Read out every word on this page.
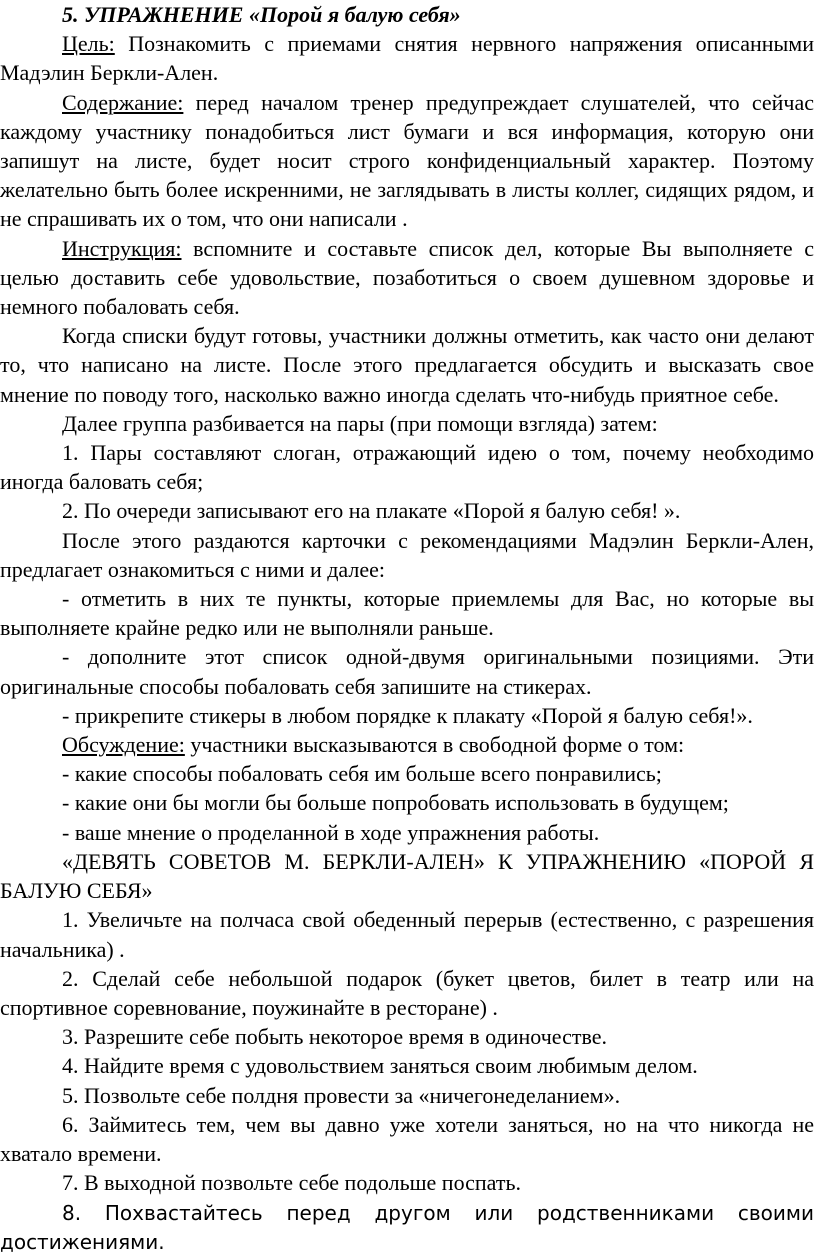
5. УПРАЖНЕНИЕ «Порой я балую себя»

Цель: Познакомить с приемами снятия нервного напряжения описанными Мадэлин Беркли-Ален.

Содержание: перед началом тренер предупреждает слушателей, что сейчас каждому участнику понадобиться лист бумаги и вся информация, которую они запишут на листе, будет носит строго конфиденциальный характер. Поэтому желательно быть более искренними, не заглядывать в листы коллег, сидящих рядом, и не спрашивать их о том, что они написали .

Инструкция: вспомните и составьте список дел, которые Вы выполняете с целью доставить себе удовольствие, позаботиться о своем душевном здоровье и немного побаловать себя.

Когда списки будут готовы, участники должны отметить, как часто они делают то, что написано на листе. После этого предлагается обсудить и высказать свое мнение по поводу того, насколько важно иногда сделать что-нибудь приятное себе.

Далее группа разбивается на пары (при помощи взгляда) затем:

1. Пары составляют слоган, отражающий идею о том, почему необходимо иногда баловать себя;

2. По очереди записывают его на плакате «Порой я балую себя! ».

После этого раздаются карточки с рекомендациями Мадэлин Беркли-Ален, предлагает ознакомиться с ними и далее:

- отметить в них те пункты, которые приемлемы для Вас, но которые вы выполняете крайне редко или не выполняли раньше.

- дополните этот список одной-двумя оригинальными позициями. Эти оригинальные способы побаловать себя запишите на стикерах.

- прикрепите стикеры в любом порядке к плакату «Порой я балую себя!».

Обсуждение: участники высказываются в свободной форме о том:

- какие способы побаловать себя им больше всего понравились;

- какие они бы могли бы больше попробовать использовать в будущем;

- ваше мнение о проделанной в ходе упражнения работы.

«ДЕВЯТЬ СОВЕТОВ М. БЕРКЛИ-АЛЕН» К УПРАЖНЕНИЮ «ПОРОЙ Я БАЛУЮ СЕБЯ»

1. Увеличьте на полчаса свой обеденный перерыв (естественно, с разрешения начальника) .

2. Сделай себе небольшой подарок (букет цветов, билет в театр или на спортивное соревнование, поужинайте в ресторане) .

3. Разрешите себе побыть некоторое время в одиночестве.

4. Найдите время с удовольствием заняться своим любимым делом.

5. Позвольте себе полдня провести за «ничегонеделанием».

6. Займитесь тем, чем вы давно уже хотели заняться, но на что никогда не хватало времени.

7. В выходной позвольте себе подольше поспать.

8. Похвастайтесь перед другом или родственниками своими достижениями.
